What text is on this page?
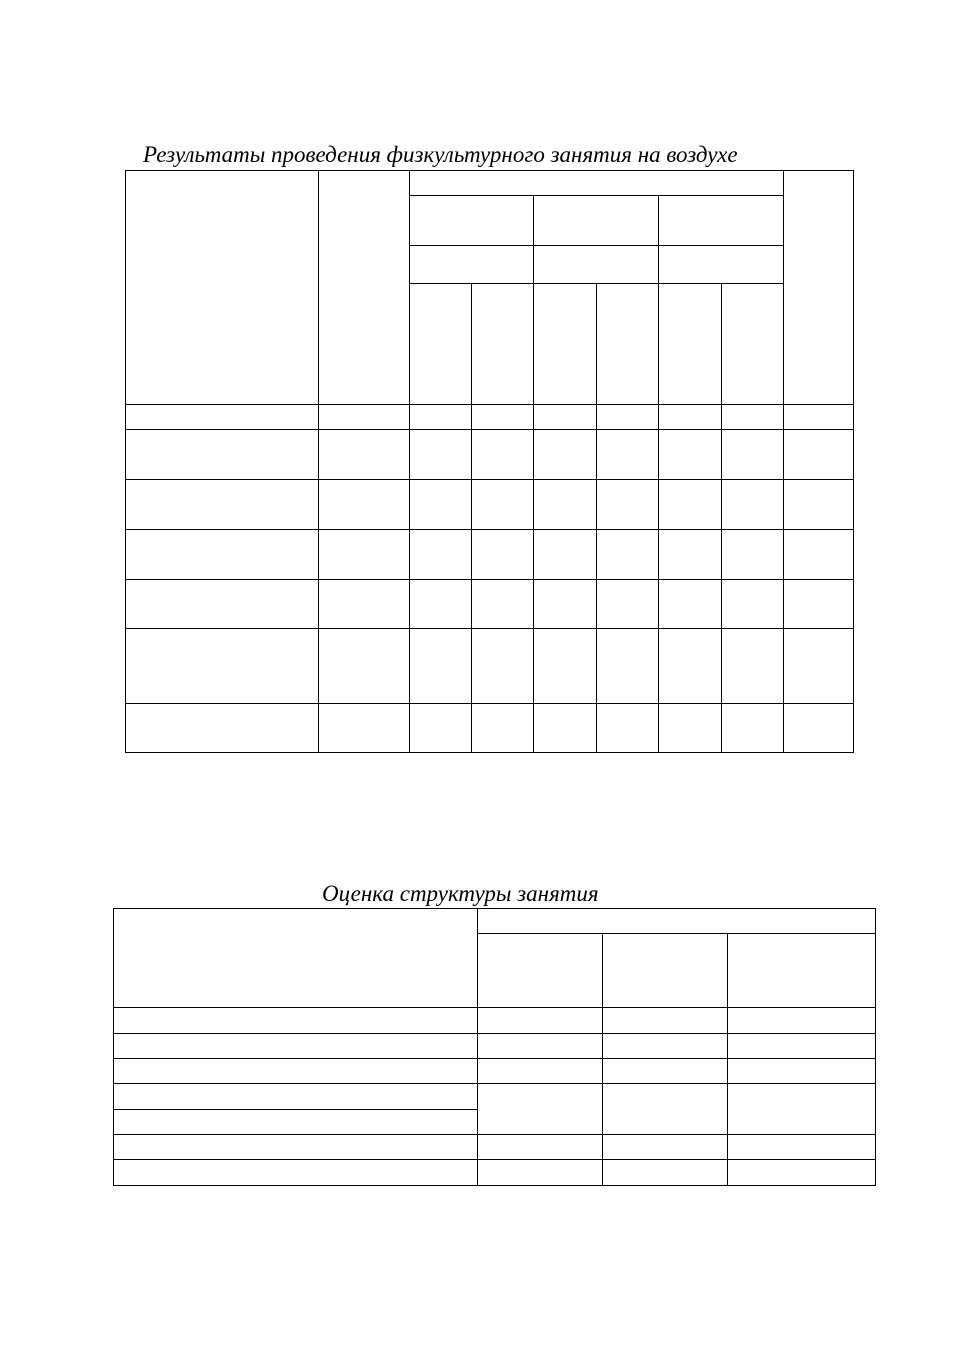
Результаты проведения физкультурного занятия на воздухе

Оценка структуры занятия
